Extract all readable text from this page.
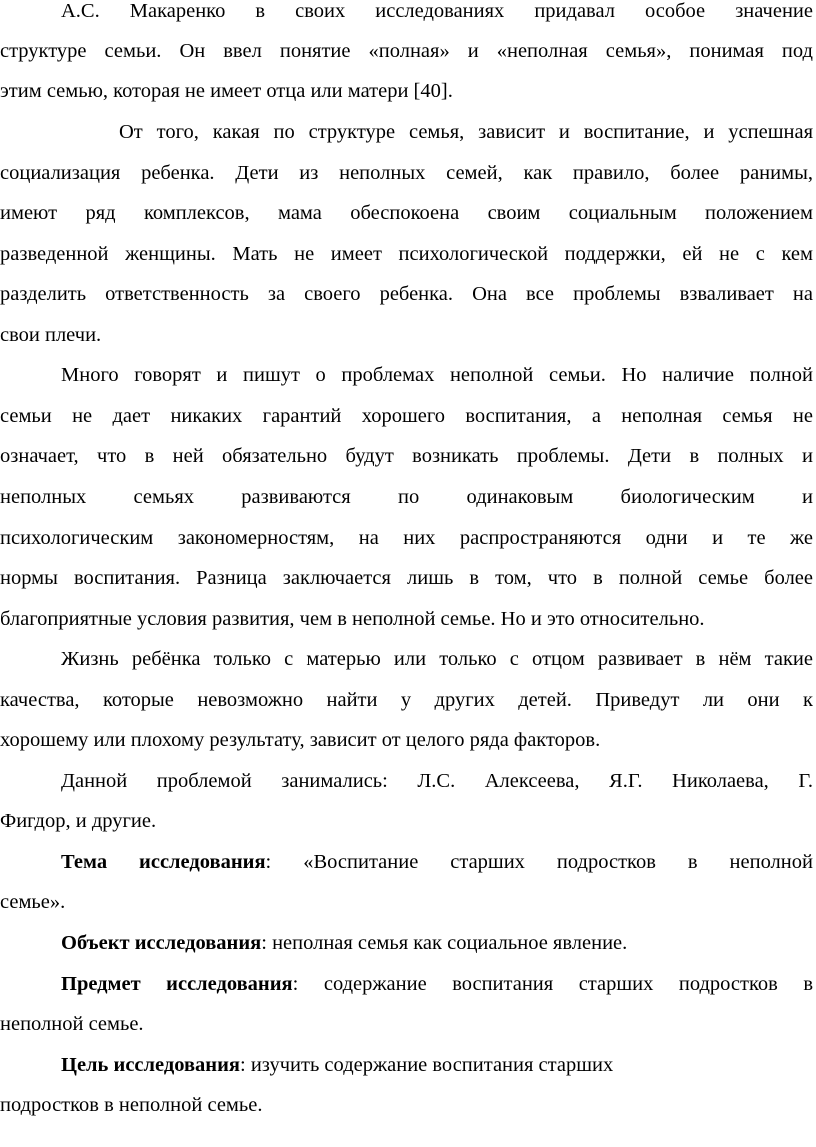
А.С. Макаренко в своих исследованиях придавал особое значение
структуре семьи. Он ввел понятие «полная» и «неполная семья», понимая под
этим семью, которая не имеет отца или матери [40].
От того, какая по структуре семья, зависит и воспитание, и успешная
социализация ребенка. Дети из неполных семей, как правило, более ранимы,
имеют ряд комплексов, мама обеспокоена своим социальным положением
разведенной женщины. Мать не имеет психологической поддержки, ей не с кем
разделить ответственность за своего ребенка. Она все проблемы взваливает на
свои плечи.
Много говорят и пишут о проблемах неполной семьи. Но наличие полной
семьи не дает никаких гарантий хорошего воспитания, а неполная семья не
означает, что в ней обязательно будут возникать проблемы. Дети в полных и
неполных семьях развиваются по одинаковым биологическим и
психологическим закономерностям, на них распространяются одни и те же
нормы воспитания. Разница заключается лишь в том, что в полной семье более
благоприятные условия развития, чем в неполной семье. Но и это относительно.
Жизнь ребёнка только с матерью или только с отцом развивает в нём такие
качества, которые невозможно найти у других детей. Приведут ли они к
хорошему или плохому результату, зависит от целого ряда факторов.
Данной проблемой занимались: Л.С. Алексеева, Я.Г. Николаева, Г.
Фигдор, и другие.
Тема исследования: «Воспитание старших подростков в неполной
семье».
Объект исследования: неполная семья как социальное явление.
Предмет исследования: содержание воспитания старших подростков в
неполной семье.
Цель исследования: изучить содержание воспитания старших
подростков в неполной семье.
